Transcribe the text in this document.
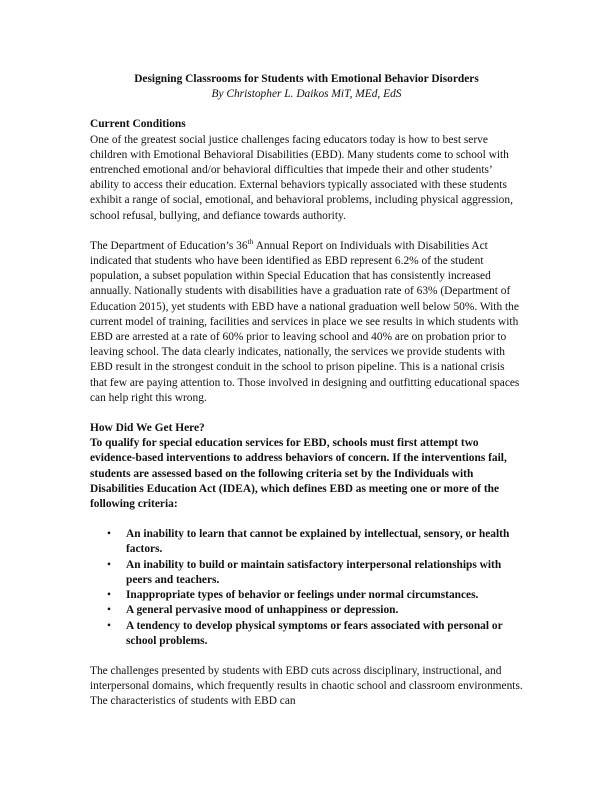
Designing Classrooms for Students with Emotional Behavior Disorders

By Christopher L. Daikos MiT, MEd, EdS

Current Conditions

One of the greatest social justice challenges facing educators today is how to best serve children with Emotional Behavioral Disabilities (EBD). Many students come to school with entrenched emotional and/or behavioral difficulties that impede their and other students’ ability to access their education. External behaviors typically associated with these students exhibit a range of social, emotional, and behavioral problems, including physical aggression, school refusal, bullying, and defiance towards authority.

The Department of Education’s 36th Annual Report on Individuals with Disabilities Act indicated that students who have been identified as EBD represent 6.2% of the student population, a subset population within Special Education that has consistently increased annually. Nationally students with disabilities have a graduation rate of 63% (Department of Education 2015), yet students with EBD have a national graduation well below 50%. With the current model of training, facilities and services in place we see results in which students with EBD are arrested at a rate of 60% prior to leaving school and 40% are on probation prior to leaving school. The data clearly indicates, nationally, the services we provide students with EBD result in the strongest conduit in the school to prison pipeline. This is a national crisis that few are paying attention to. Those involved in designing and outfitting educational spaces can help right this wrong.

How Did We Get Here?

To qualify for special education services for EBD, schools must first attempt two evidence-based interventions to address behaviors of concern. If the interventions fail, students are assessed based on the following criteria set by the Individuals with Disabilities Education Act (IDEA), which defines EBD as meeting one or more of the following criteria:

• An inability to learn that cannot be explained by intellectual, sensory, or health factors.
• An inability to build or maintain satisfactory interpersonal relationships with peers and teachers.
• Inappropriate types of behavior or feelings under normal circumstances.
• A general pervasive mood of unhappiness or depression.
• A tendency to develop physical symptoms or fears associated with personal or school problems.

The challenges presented by students with EBD cuts across disciplinary, instructional, and interpersonal domains, which frequently results in chaotic school and classroom environments. The characteristics of students with EBD can
